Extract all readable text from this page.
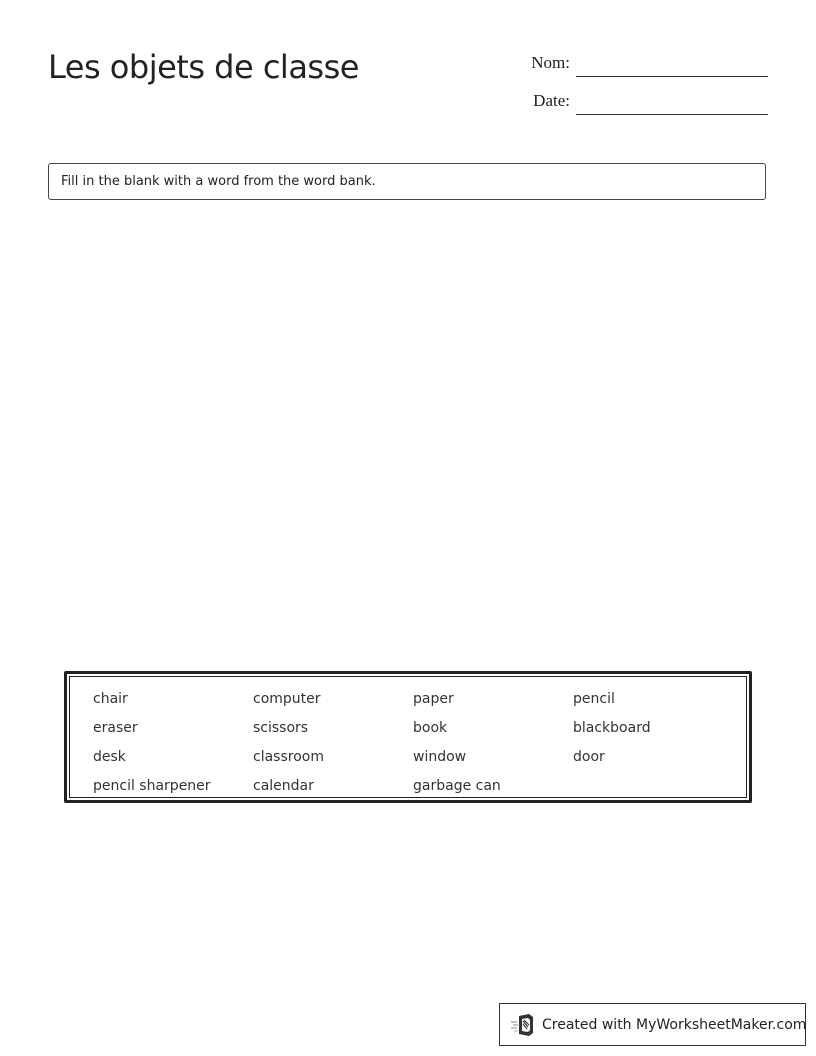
Les objets de classe	Nom:
Date:
Fill in the blank with a word from the word bank.
chair	computer	paper	pencil
eraser	scissors	book	blackboard
desk	classroom	window	door
pencil sharpener	calendar	garbage can
Created with MyWorksheetMaker.com
